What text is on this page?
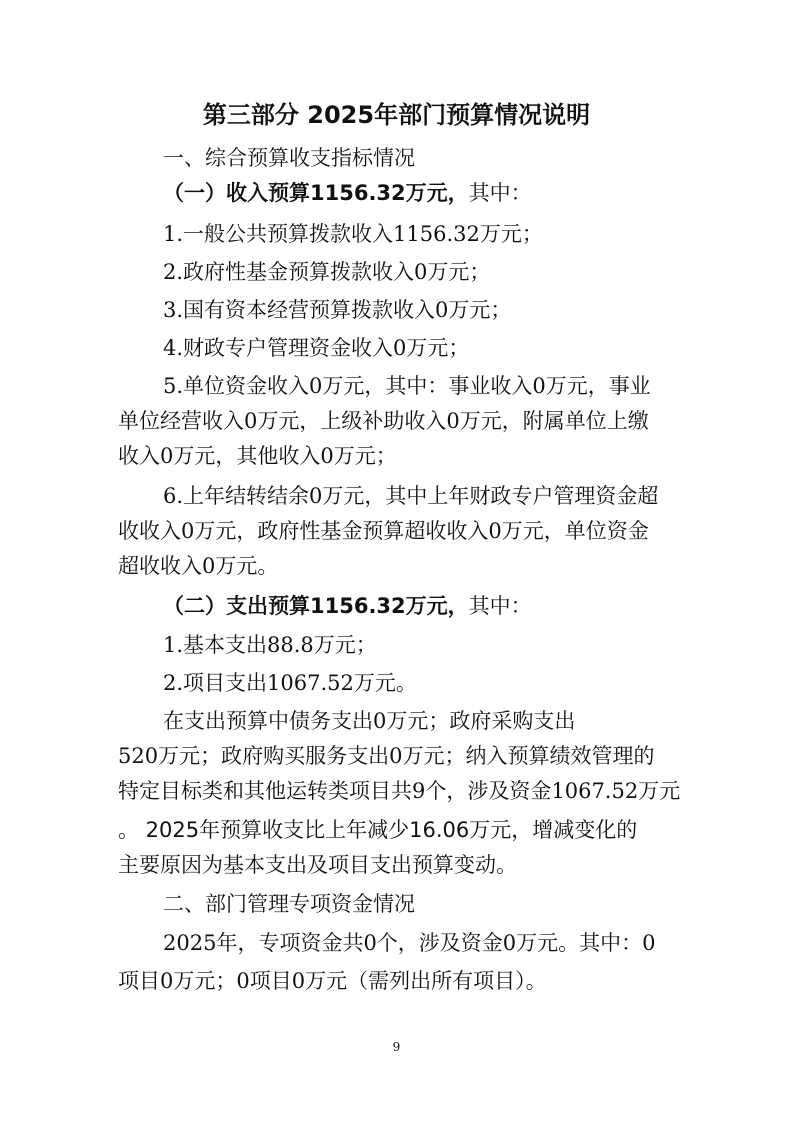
第三部分 2025年部门预算情况说明
一、综合预算收支指标情况
（一）收入预算1156.32万元，其中：
1.一般公共预算拨款收入1156.32万元；
2.政府性基金预算拨款收入0万元；
3.国有资本经营预算拨款收入0万元；
4.财政专户管理资金收入0万元；
5.单位资金收入0万元，其中：事业收入0万元，事业
单位经营收入0万元，上级补助收入0万元，附属单位上缴
收入0万元，其他收入0万元；
6.上年结转结余0万元，其中上年财政专户管理资金超
收收入0万元，政府性基金预算超收收入0万元，单位资金
超收收入0万元。
（二）支出预算1156.32万元，其中：
1.基本支出88.8万元；
2.项目支出1067.52万元。
在支出预算中债务支出0万元；政府采购支出
520万元；政府购买服务支出0万元；纳入预算绩效管理的
特定目标类和其他运转类项目共9个，涉及资金1067.52万元
。 2025年预算收支比上年减少16.06万元，增减变化的
主要原因为基本支出及项目支出预算变动。
二、部门管理专项资金情况
2025年，专项资金共0个，涉及资金0万元。其中：0
项目0万元；0项目0万元（需列出所有项目）。
9
